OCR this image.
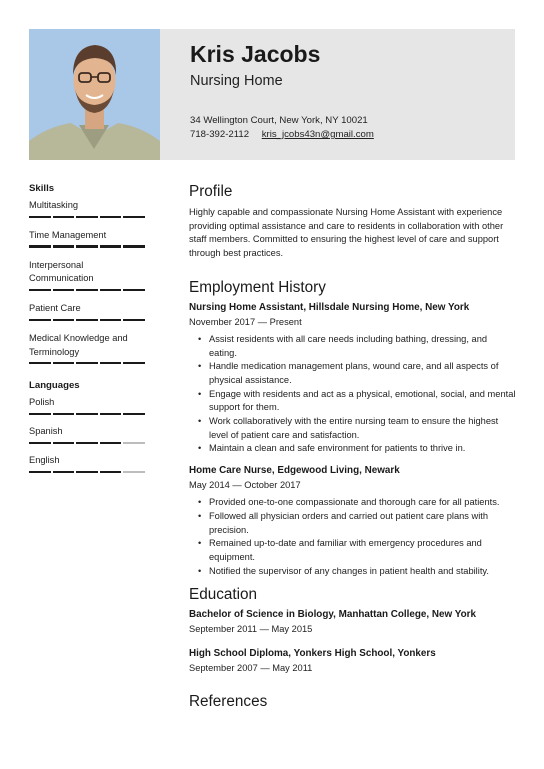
Kris Jacobs
Nursing Home
34 Wellington Court, New York, NY 10021
718-392-2112 kris_jcobs43n@gmail.com
Skills
Multitasking
Time Management
Interpersonal Communication
Patient Care
Medical Knowledge and Terminology
Languages
Polish
Spanish
English
Profile
Highly capable and compassionate Nursing Home Assistant with experience providing optimal assistance and care to residents in collaboration with other staff members. Committed to ensuring the highest level of care and support through best practices.
Employment History
Nursing Home Assistant, Hillsdale Nursing Home, New York
November 2017 — Present
• Assist residents with all care needs including bathing, dressing, and eating.
• Handle medication management plans, wound care, and all aspects of physical assistance.
• Engage with residents and act as a physical, emotional, social, and mental support for them.
• Work collaboratively with the entire nursing team to ensure the highest level of patient care and satisfaction.
• Maintain a clean and safe environment for patients to thrive in.
Home Care Nurse, Edgewood Living, Newark
May 2014 — October 2017
• Provided one-to-one compassionate and thorough care for all patients.
• Followed all physician orders and carried out patient care plans with precision.
• Remained up-to-date and familiar with emergency procedures and equipment.
• Notified the supervisor of any changes in patient health and stability.
Education
Bachelor of Science in Biology, Manhattan College, New York
September 2011 — May 2015
High School Diploma, Yonkers High School, Yonkers
September 2007 — May 2011
References
